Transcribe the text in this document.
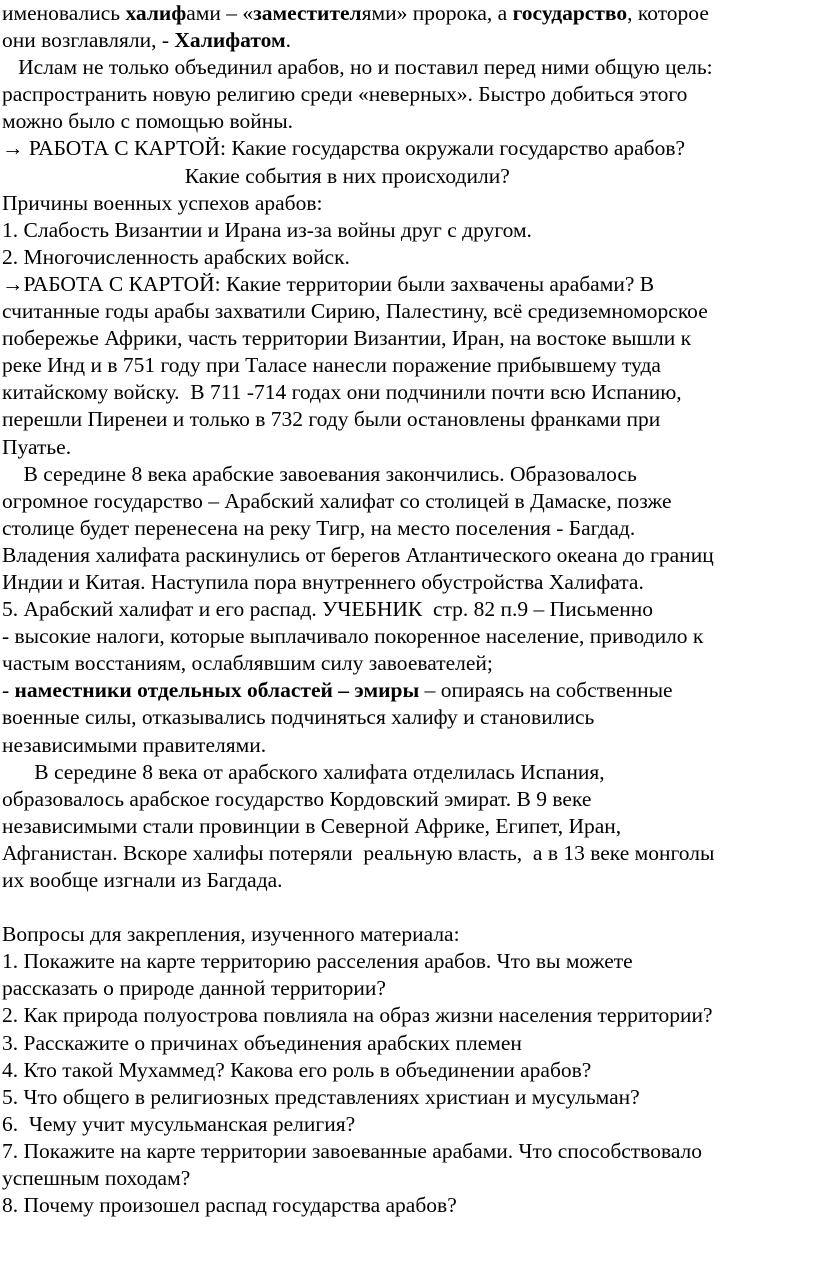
именовались халифами – «заместителями» пророка, а государство, которое
они возглавляли, - Халифатом.
Ислам не только объединил арабов, но и поставил перед ними общую цель:
распространить новую религию среди «неверных». Быстро добиться этого
можно было с помощью войны.
→ РАБОТА С КАРТОЙ: Какие государства окружали государство арабов?
Какие события в них происходили?
Причины военных успехов арабов:
1. Слабость Византии и Ирана из-за войны друг с другом.
2. Многочисленность арабских войск.
→РАБОТА С КАРТОЙ: Какие территории были захвачены арабами? В
считанные годы арабы захватили Сирию, Палестину, всё средиземноморское
побережье Африки, часть территории Византии, Иран, на востоке вышли к
реке Инд и в 751 году при Таласе нанесли поражение прибывшему туда
китайскому войску.  В 711 -714 годах они подчинили почти всю Испанию,
перешли Пиренеи и только в 732 году были остановлены франками при
Пуатье.
В середине 8 века арабские завоевания закончились. Образовалось
огромное государство – Арабский халифат со столицей в Дамаске, позже
столице будет перенесена на реку Тигр, на место поселения - Багдад.
Владения халифата раскинулись от берегов Атлантического океана до границ
Индии и Китая. Наступила пора внутреннего обустройства Халифата.
5. Арабский халифат и его распад. УЧЕБНИК  стр. 82 п.9 – Письменно
- высокие налоги, которые выплачивало покоренное население, приводило к
частым восстаниям, ослаблявшим силу завоевателей;
- наместники отдельных областей – эмиры – опираясь на собственные
военные силы, отказывались подчиняться халифу и становились
независимыми правителями.
В середине 8 века от арабского халифата отделилась Испания,
образовалось арабское государство Кордовский эмират. В 9 веке
независимыми стали провинции в Северной Африке, Египет, Иран,
Афганистан. Вскоре халифы потеряли  реальную власть,  а в 13 веке монголы
их вообще изгнали из Багдада.
Вопросы для закрепления, изученного материала:
1. Покажите на карте территорию расселения арабов. Что вы можете
рассказать о природе данной территории?
2. Как природа полуострова повлияла на образ жизни населения территории?
3. Расскажите о причинах объединения арабских племен
4. Кто такой Мухаммед? Какова его роль в объединении арабов?
5. Что общего в религиозных представлениях христиан и мусульман?
6.  Чему учит мусульманская религия?
7. Покажите на карте территории завоеванные арабами. Что способствовало
успешным походам?
8. Почему произошел распад государства арабов?
